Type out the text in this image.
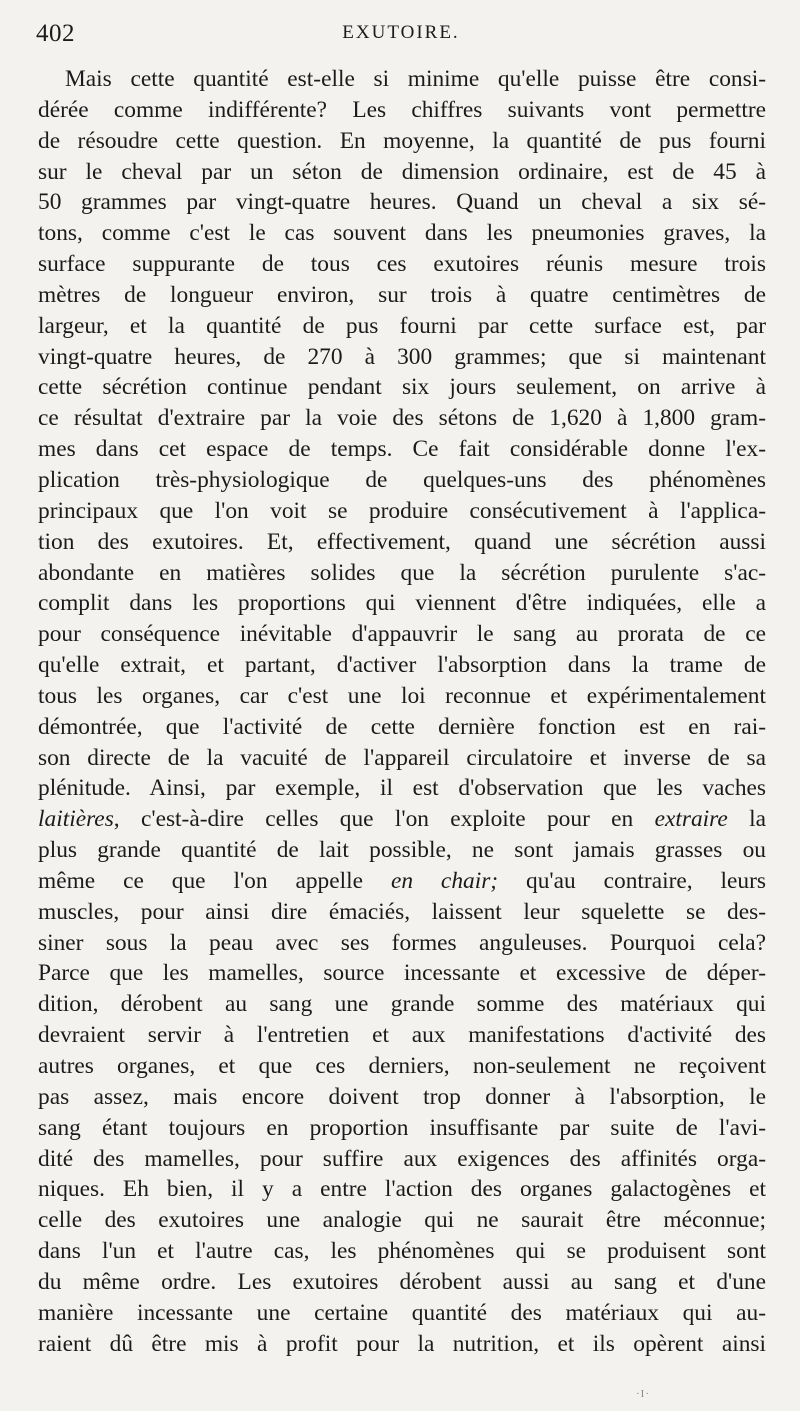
402	EXUTOIRE.
Mais cette quantité est-elle si minime qu'elle puisse être consi-
dérée comme indifférente? Les chiffres suivants vont permettre
de résoudre cette question. En moyenne, la quantité de pus fourni
sur le cheval par un séton de dimension ordinaire, est de 45 à
50 grammes par vingt-quatre heures. Quand un cheval a six sé-
tons, comme c'est le cas souvent dans les pneumonies graves, la
surface suppurante de tous ces exutoires réunis mesure trois
mètres de longueur environ, sur trois à quatre centimètres de
largeur, et la quantité de pus fourni par cette surface est, par
vingt-quatre heures, de 270 à 300 grammes; que si maintenant
cette sécrétion continue pendant six jours seulement, on arrive à
ce résultat d'extraire par la voie des sétons de 1,620 à 1,800 gram-
mes dans cet espace de temps. Ce fait considérable donne l'ex-
plication très-physiologique de quelques-uns des phénomènes
principaux que l'on voit se produire consécutivement à l'applica-
tion des exutoires. Et, effectivement, quand une sécrétion aussi
abondante en matières solides que la sécrétion purulente s'ac-
complit dans les proportions qui viennent d'être indiquées, elle a
pour conséquence inévitable d'appauvrir le sang au prorata de ce
qu'elle extrait, et partant, d'activer l'absorption dans la trame de
tous les organes, car c'est une loi reconnue et expérimentalement
démontrée, que l'activité de cette dernière fonction est en rai-
son directe de la vacuité de l'appareil circulatoire et inverse de sa
plénitude. Ainsi, par exemple, il est d'observation que les vaches
laitières, c'est-à-dire celles que l'on exploite pour en extraire la
plus grande quantité de lait possible, ne sont jamais grasses ou
même ce que l'on appelle en chair; qu'au contraire, leurs
muscles, pour ainsi dire émaciés, laissent leur squelette se des-
siner sous la peau avec ses formes anguleuses. Pourquoi cela?
Parce que les mamelles, source incessante et excessive de déper-
dition, dérobent au sang une grande somme des matériaux qui
devraient servir à l'entretien et aux manifestations d'activité des
autres organes, et que ces derniers, non-seulement ne reçoivent
pas assez, mais encore doivent trop donner à l'absorption, le
sang étant toujours en proportion insuffisante par suite de l'avi-
dité des mamelles, pour suffire aux exigences des affinités orga-
niques. Eh bien, il y a entre l'action des organes galactogènes et
celle des exutoires une analogie qui ne saurait être méconnue;
dans l'un et l'autre cas, les phénomènes qui se produisent sont
du même ordre. Les exutoires dérobent aussi au sang et d'une
manière incessante une certaine quantité des matériaux qui au-
raient dû être mis à profit pour la nutrition, et ils opèrent ainsi
·I·
